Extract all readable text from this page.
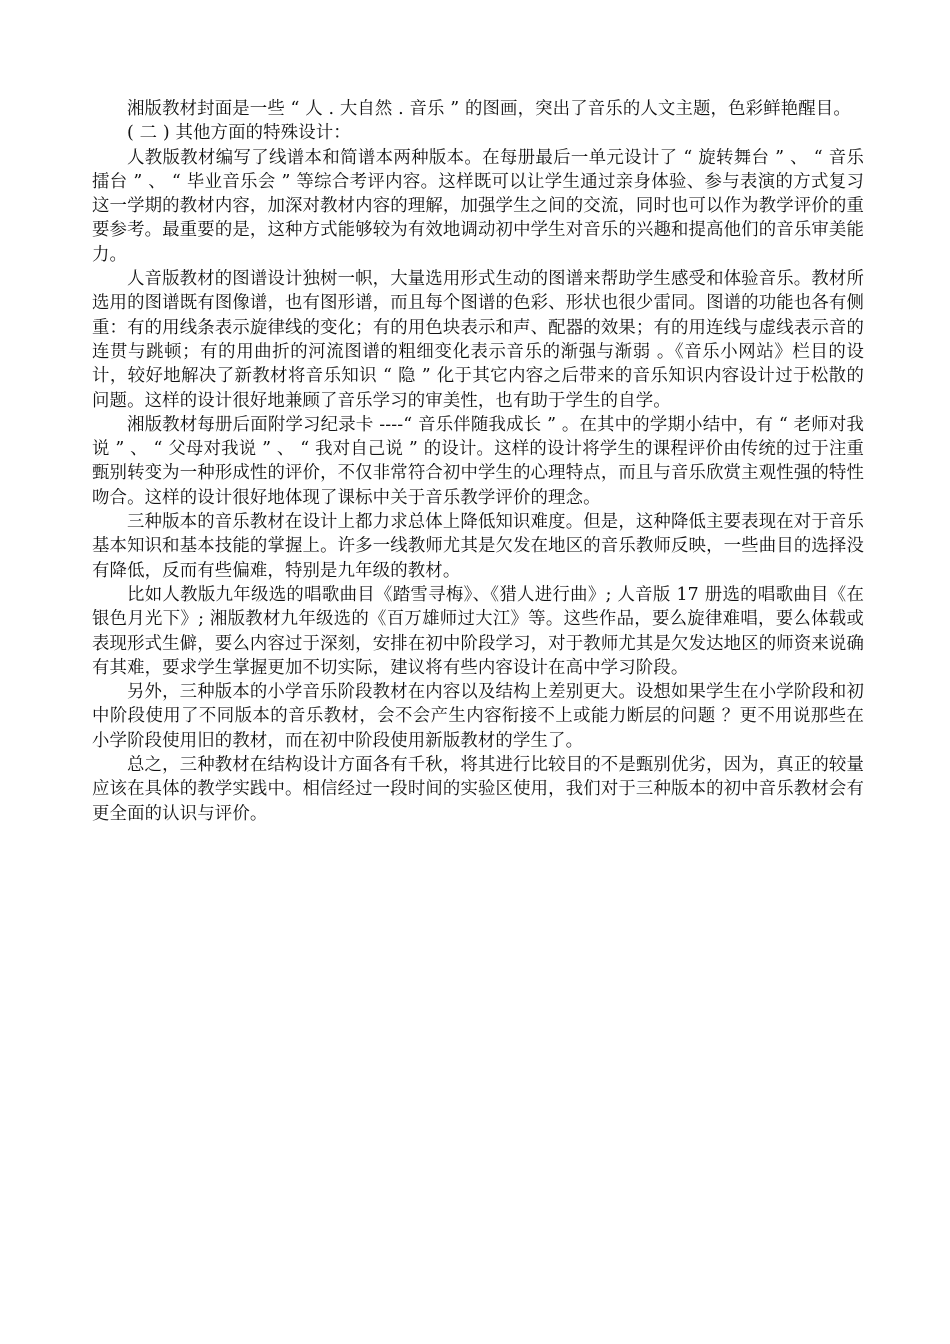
湘版教材封面是一些 “ 人 . 大自然 . 音乐 ” 的图画，突出了音乐的人文主题，色彩鲜艳醒目。

( 二 ) 其他方面的特殊设计：

人教版教材编写了线谱本和简谱本两种版本。在每册最后一单元设计了 “ 旋转舞台 ” 、 “ 音乐擂台 ” 、 “ 毕业音乐会 ” 等综合考评内容。这样既可以让学生通过亲身体验、参与表演的方式复习这一学期的教材内容，加深对教材内容的理解，加强学生之间的交流，同时也可以作为教学评价的重要参考。最重要的是，这种方式能够较为有效地调动初中学生对音乐的兴趣和提高他们的音乐审美能力。

人音版教材的图谱设计独树一帜，大量选用形式生动的图谱来帮助学生感受和体验音乐。教材所选用的图谱既有图像谱，也有图形谱，而且每个图谱的色彩、形状也很少雷同。图谱的功能也各有侧重：有的用线条表示旋律线的变化；有的用色块表示和声、配器的效果；有的用连线与虚线表示音的连贯与跳顿；有的用曲折的河流图谱的粗细变化表示音乐的渐强与渐弱 。《音乐小网站》栏目的设计，较好地解决了新教材将音乐知识 “ 隐 ” 化于其它内容之后带来的音乐知识内容设计过于松散的问题。这样的设计很好地兼顾了音乐学习的审美性，也有助于学生的自学。

湘版教材每册后面附学习纪录卡 ----“ 音乐伴随我成长 ” 。在其中的学期小结中，有 “ 老师对我说 ” 、 “ 父母对我说 ” 、 “ 我对自己说 ” 的设计。这样的设计将学生的课程评价由传统的过于注重甄别转变为一种形成性的评价，不仅非常符合初中学生的心理特点，而且与音乐欣赏主观性强的特性吻合。这样的设计很好地体现了课标中关于音乐教学评价的理念。

三种版本的音乐教材在设计上都力求总体上降低知识难度。但是，这种降低主要表现在对于音乐基本知识和基本技能的掌握上。许多一线教师尤其是欠发在地区的音乐教师反映，一些曲目的选择没有降低，反而有些偏难，特别是九年级的教材。

比如人教版九年级选的唱歌曲目《踏雪寻梅》、《猎人进行曲》; 人音版 17 册选的唱歌曲目《在银色月光下》; 湘版教材九年级选的《百万雄师过大江》等。这些作品，要么旋律难唱，要么体载或表现形式生僻，要么内容过于深刻，安排在初中阶段学习，对于教师尤其是欠发达地区的师资来说确有其难，要求学生掌握更加不切实际，建议将有些内容设计在高中学习阶段。

另外，三种版本的小学音乐阶段教材在内容以及结构上差别更大。设想如果学生在小学阶段和初中阶段使用了不同版本的音乐教材，会不会产生内容衔接不上或能力断层的问题 ？更不用说那些在小学阶段使用旧的教材，而在初中阶段使用新版教材的学生了。

总之，三种教材在结构设计方面各有千秋，将其进行比较目的不是甄别优劣，因为，真正的较量应该在具体的教学实践中。相信经过一段时间的实验区使用，我们对于三种版本的初中音乐教材会有更全面的认识与评价。
